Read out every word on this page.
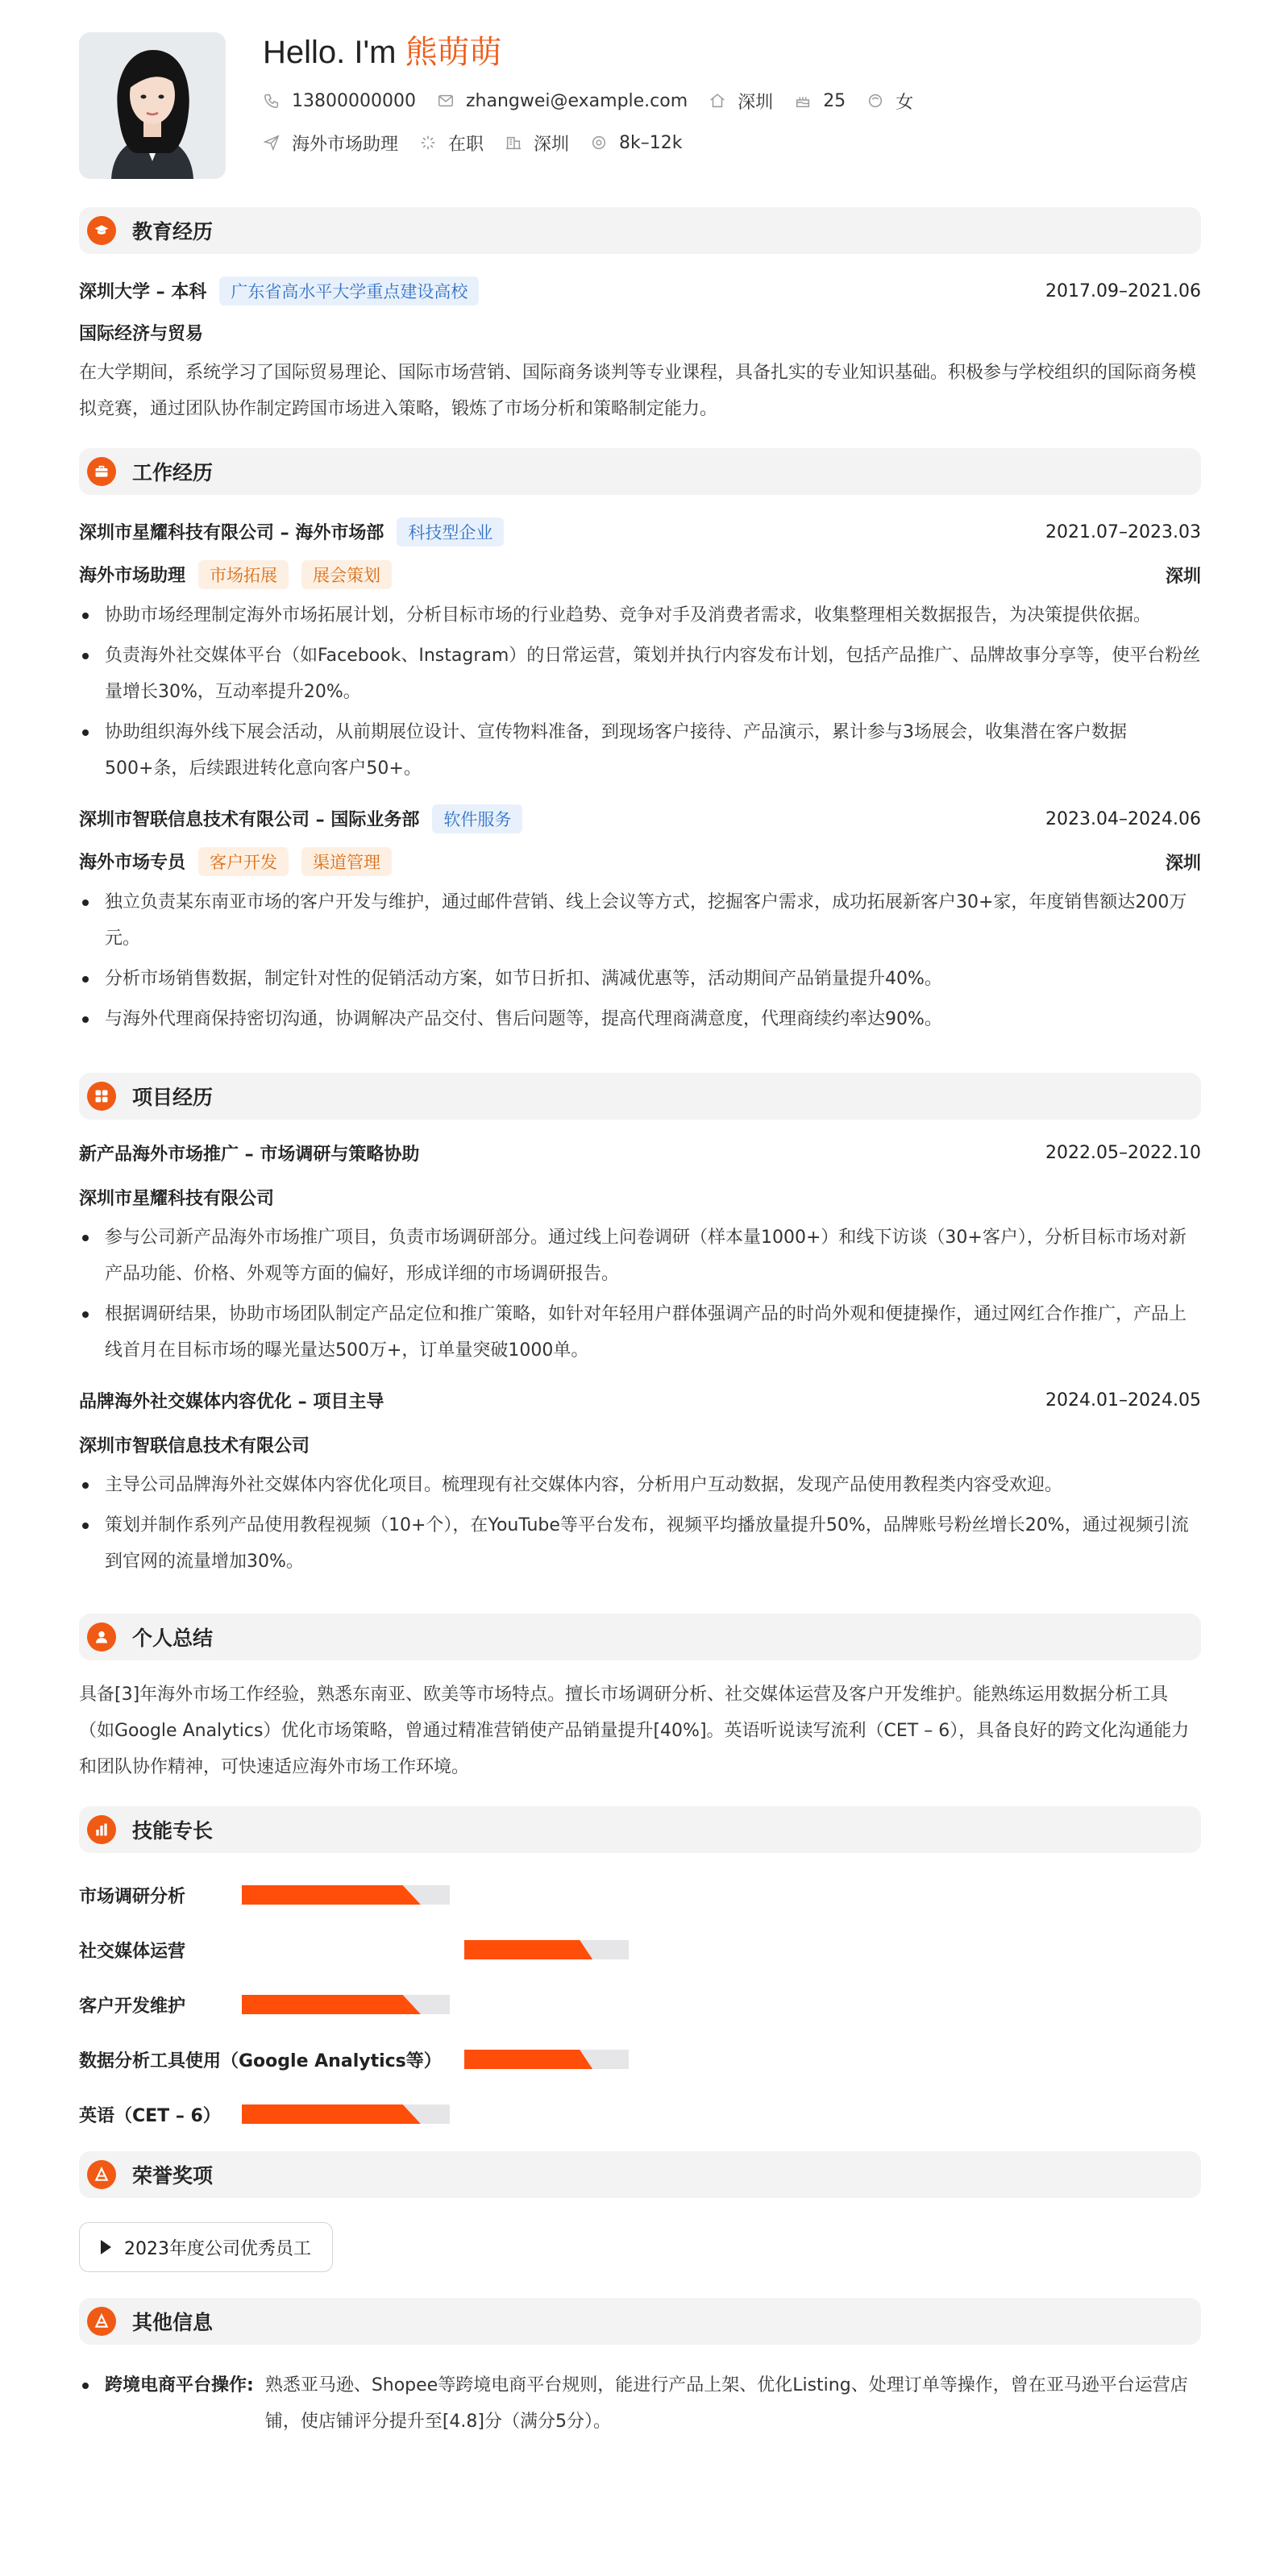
Hello. I'm 熊萌萌
13800000000	zhangwei@example.com	深圳	25	女
海外市场助理	在职	深圳	8k–12k
教育经历
深圳大学 – 本科 广东省高水平大学重点建设高校	2017.09–2021.06
国际经济与贸易
在大学期间，系统学习了国际贸易理论、国际市场营销、国际商务谈判等专业课程，具备扎实的专业知识基础。积极参与学校组织的国际商务模拟竞赛，通过团队协作制定跨国市场进入策略，锻炼了市场分析和策略制定能力。
工作经历
深圳市星耀科技有限公司 – 海外市场部 科技型企业	2021.07–2023.03
海外市场助理 市场拓展 展会策划	深圳
协助市场经理制定海外市场拓展计划，分析目标市场的行业趋势、竞争对手及消费者需求，收集整理相关数据报告，为决策提供依据。
负责海外社交媒体平台（如Facebook、Instagram）的日常运营，策划并执行内容发布计划，包括产品推广、品牌故事分享等，使平台粉丝量增长30%，互动率提升20%。
协助组织海外线下展会活动，从前期展位设计、宣传物料准备，到现场客户接待、产品演示，累计参与3场展会，收集潜在客户数据500+条，后续跟进转化意向客户50+。
深圳市智联信息技术有限公司 – 国际业务部 软件服务	2023.04–2024.06
海外市场专员 客户开发 渠道管理	深圳
独立负责某东南亚市场的客户开发与维护，通过邮件营销、线上会议等方式，挖掘客户需求，成功拓展新客户30+家，年度销售额达200万元。
分析市场销售数据，制定针对性的促销活动方案，如节日折扣、满减优惠等，活动期间产品销量提升40%。
与海外代理商保持密切沟通，协调解决产品交付、售后问题等，提高代理商满意度，代理商续约率达90%。
项目经历
新产品海外市场推广 – 市场调研与策略协助	2022.05–2022.10
深圳市星耀科技有限公司
参与公司新产品海外市场推广项目，负责市场调研部分。通过线上问卷调研（样本量1000+）和线下访谈（30+客户），分析目标市场对新产品功能、价格、外观等方面的偏好，形成详细的市场调研报告。
根据调研结果，协助市场团队制定产品定位和推广策略，如针对年轻用户群体强调产品的时尚外观和便捷操作，通过网红合作推广，产品上线首月在目标市场的曝光量达500万+，订单量突破1000单。
品牌海外社交媒体内容优化 – 项目主导	2024.01–2024.05
深圳市智联信息技术有限公司
主导公司品牌海外社交媒体内容优化项目。梳理现有社交媒体内容，分析用户互动数据，发现产品使用教程类内容受欢迎。
策划并制作系列产品使用教程视频（10+个），在YouTube等平台发布，视频平均播放量提升50%，品牌账号粉丝增长20%，通过视频引流到官网的流量增加30%。
个人总结
具备[3]年海外市场工作经验，熟悉东南亚、欧美等市场特点。擅长市场调研分析、社交媒体运营及客户开发维护。能熟练运用数据分析工具（如Google Analytics）优化市场策略，曾通过精准营销使产品销量提升[40%]。英语听说读写流利（CET – 6），具备良好的跨文化沟通能力和团队协作精神，可快速适应海外市场工作环境。
技能专长
市场调研分析
社交媒体运营
客户开发维护
数据分析工具使用（Google Analytics等）
英语（CET – 6）
荣誉奖项
2023年度公司优秀员工
其他信息
跨境电商平台操作: 熟悉亚马逊、Shopee等跨境电商平台规则，能进行产品上架、优化Listing、处理订单等操作，曾在亚马逊平台运营店铺，使店铺评分提升至[4.8]分（满分5分）。
